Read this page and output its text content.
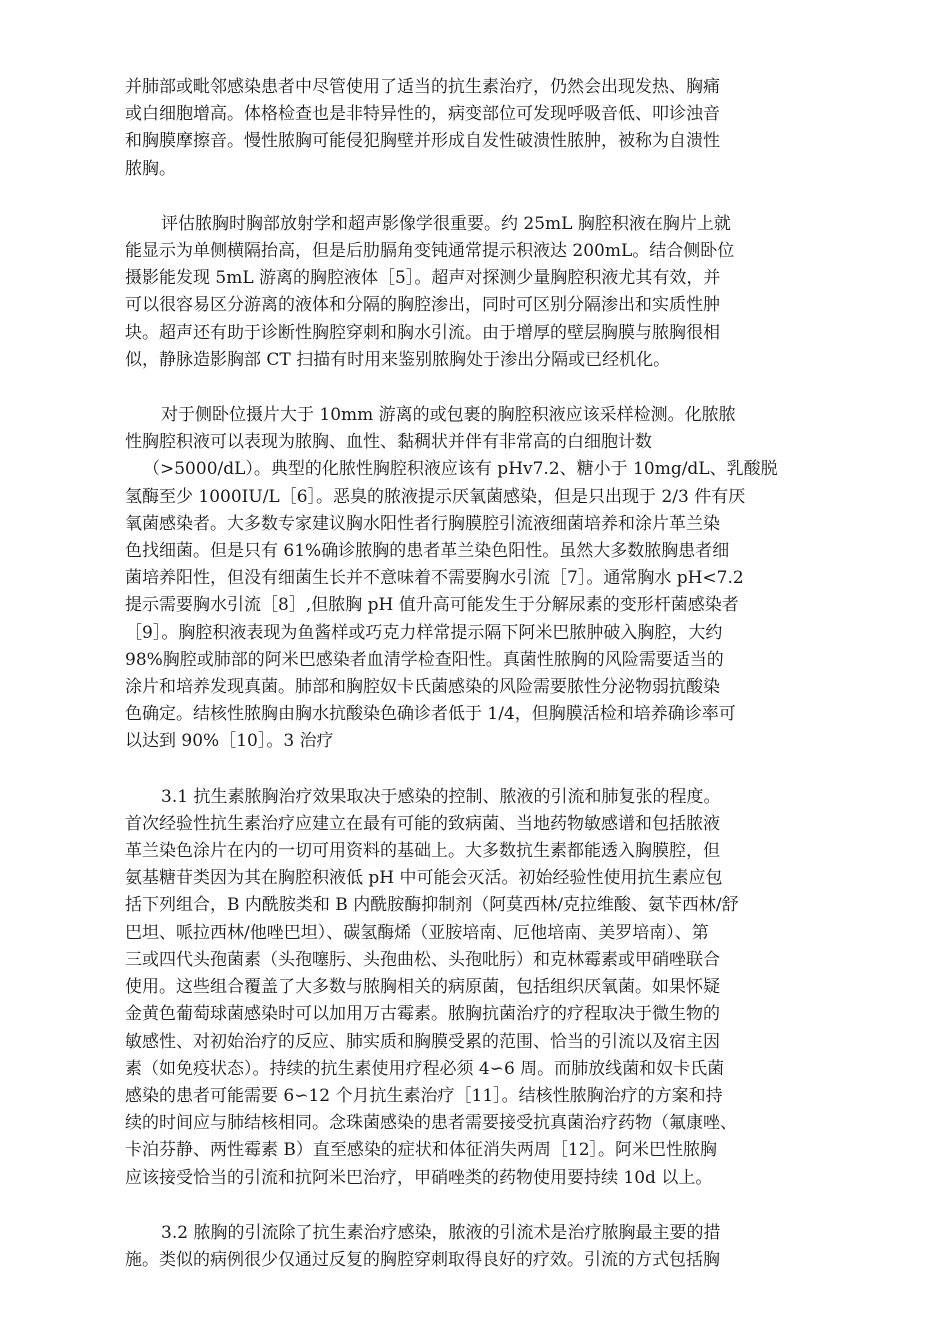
并肺部或毗邻感染患者中尽管使用了适当的抗生素治疗，仍然会出现发热、胸痛
或白细胞增高。体格检查也是非特异性的，病变部位可发现呼吸音低、叩诊浊音
和胸膜摩擦音。慢性脓胸可能侵犯胸壁并形成自发性破溃性脓肿，被称为自溃性
脓胸。
评估脓胸时胸部放射学和超声影像学很重要。约 25mL 胸腔积液在胸片上就
能显示为单侧横隔抬高，但是后肋膈角变钝通常提示积液达 200mL。结合侧卧位
摄影能发现 5mL 游离的胸腔液体［5］。超声对探测少量胸腔积液尤其有效，并
可以很容易区分游离的液体和分隔的胸腔渗出，同时可区别分隔渗出和实质性肿
块。超声还有助于诊断性胸腔穿刺和胸水引流。由于增厚的壁层胸膜与脓胸很相
似，静脉造影胸部 CT 扫描有时用来鉴别脓胸处于渗出分隔或已经机化。
对于侧卧位摄片大于 10mm 游离的或包裹的胸腔积液应该采样检测。化脓脓
性胸腔积液可以表现为脓胸、血性、黏稠状并伴有非常高的白细胞计数
（>5000/dL）。典型的化脓性胸腔积液应该有 pHv7.2、糖小于 10mg/dL、乳酸脱
氢酶至少 1000IU/L［6］。恶臭的脓液提示厌氧菌感染，但是只出现于 2/3 件有厌
氧菌感染者。大多数专家建议胸水阳性者行胸膜腔引流液细菌培养和涂片革兰染
色找细菌。但是只有 61%确诊脓胸的患者革兰染色阳性。虽然大多数脓胸患者细
菌培养阳性，但没有细菌生长并不意味着不需要胸水引流［7］。通常胸水 pH<7.2
提示需要胸水引流［8］,但脓胸 pH 值升高可能发生于分解尿素的变形杆菌感染者
［9］。胸腔积液表现为鱼酱样或巧克力样常提示隔下阿米巴脓肿破入胸腔，大约
98%胸腔或肺部的阿米巴感染者血清学检查阳性。真菌性脓胸的风险需要适当的
涂片和培养发现真菌。肺部和胸腔奴卡氏菌感染的风险需要脓性分泌物弱抗酸染
色确定。结核性脓胸由胸水抗酸染色确诊者低于 1/4，但胸膜活检和培养确诊率可
以达到 90%［10］。3 治疗
3.1 抗生素脓胸治疗效果取决于感染的控制、脓液的引流和肺复张的程度。
首次经验性抗生素治疗应建立在最有可能的致病菌、当地药物敏感谱和包括脓液
革兰染色涂片在内的一切可用资料的基础上。大多数抗生素都能透入胸膜腔，但
氨基糖苷类因为其在胸腔积液低 pH 中可能会灭活。初始经验性使用抗生素应包
括下列组合，B 内酰胺类和 B 内酰胺酶抑制剂（阿莫西林/克拉维酸、氨苄西林/舒
巴坦、哌拉西林/他唑巴坦）、碳氢酶烯（亚胺培南、厄他培南、美罗培南）、第
三或四代头孢菌素（头孢噻肟、头孢曲松、头孢吡肟）和克林霉素或甲硝唑联合
使用。这些组合覆盖了大多数与脓胸相关的病原菌，包括组织厌氧菌。如果怀疑
金黄色葡萄球菌感染时可以加用万古霉素。脓胸抗菌治疗的疗程取决于微生物的
敏感性、对初始治疗的反应、肺实质和胸膜受累的范围、恰当的引流以及宿主因
素（如免疫状态）。持续的抗生素使用疗程必须 4∽6 周。而肺放线菌和奴卡氏菌
感染的患者可能需要 6∽12 个月抗生素治疗［11］。结核性脓胸治疗的方案和持
续的时间应与肺结核相同。念珠菌感染的患者需要接受抗真菌治疗药物（氟康唑、
卡泊芬静、两性霉素 B）直至感染的症状和体征消失两周［12］。阿米巴性脓胸
应该接受恰当的引流和抗阿米巴治疗，甲硝唑类的药物使用要持续 10d 以上。
3.2 脓胸的引流除了抗生素治疗感染，脓液的引流术是治疗脓胸最主要的措
施。类似的病例很少仅通过反复的胸腔穿刺取得良好的疗效。引流的方式包括胸
